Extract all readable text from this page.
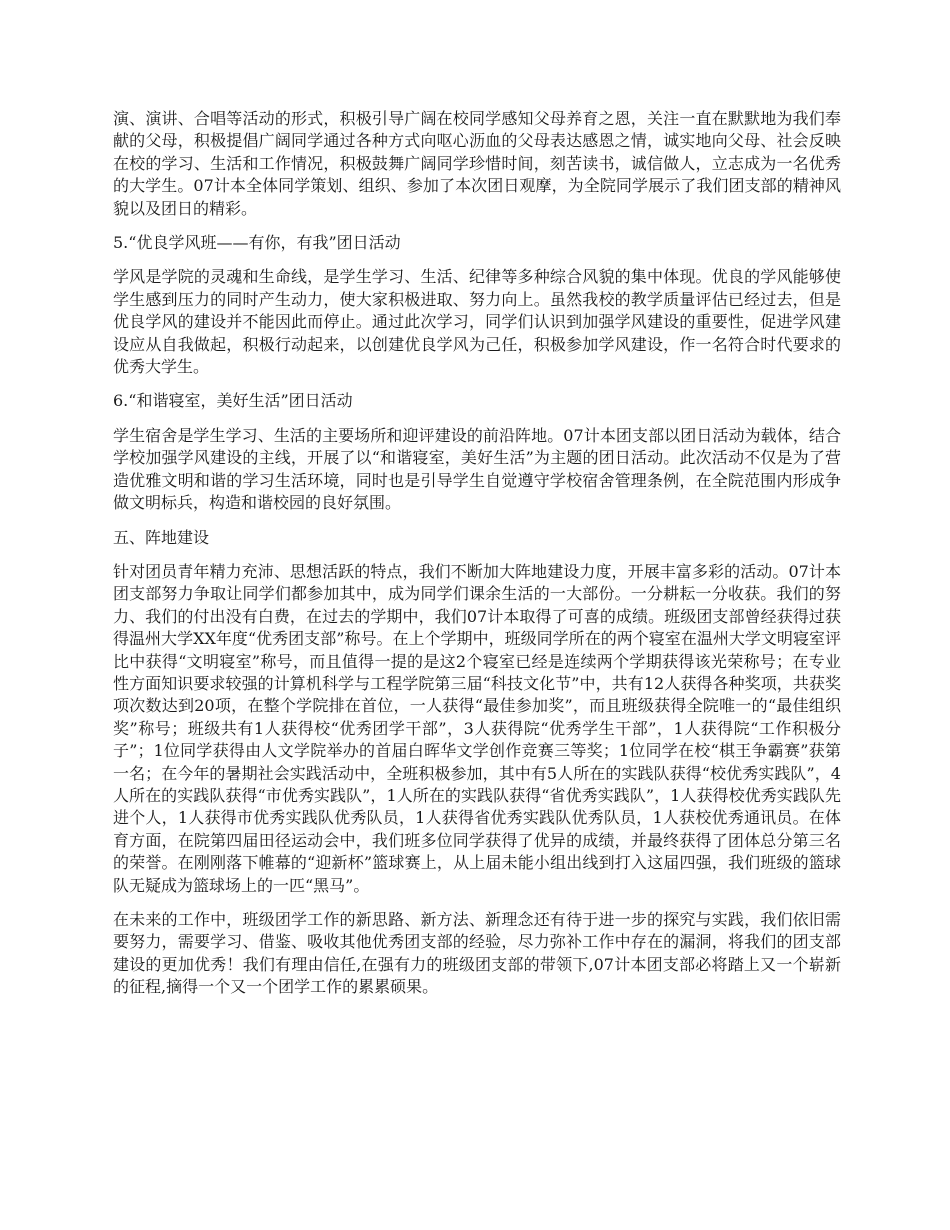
演、演讲、合唱等活动的形式，积极引导广阔在校同学感知父母养育之恩，关注一直在默默地为我们奉献的父母，积极提倡广阔同学通过各种方式向呕心沥血的父母表达感恩之情，诚实地向父母、社会反映在校的学习、生活和工作情况，积极鼓舞广阔同学珍惜时间，刻苦读书，诚信做人，立志成为一名优秀的大学生。07计本全体同学策划、组织、参加了本次团日观摩，为全院同学展示了我们团支部的精神风貌以及团日的精彩。

5.“优良学风班——有你，有我”团日活动

学风是学院的灵魂和生命线，是学生学习、生活、纪律等多种综合风貌的集中体现。优良的学风能够使学生感到压力的同时产生动力，使大家积极进取、努力向上。虽然我校的教学质量评估已经过去，但是优良学风的建设并不能因此而停止。通过此次学习，同学们认识到加强学风建设的重要性，促进学风建设应从自我做起，积极行动起来，以创建优良学风为己任，积极参加学风建设，作一名符合时代要求的优秀大学生。

6.“和谐寝室，美好生活”团日活动

学生宿舍是学生学习、生活的主要场所和迎评建设的前沿阵地。07计本团支部以团日活动为载体，结合学校加强学风建设的主线，开展了以“和谐寝室，美好生活”为主题的团日活动。此次活动不仅是为了营造优雅文明和谐的学习生活环境，同时也是引导学生自觉遵守学校宿舍管理条例，在全院范围内形成争做文明标兵，构造和谐校园的良好氛围。

五、阵地建设

针对团员青年精力充沛、思想活跃的特点，我们不断加大阵地建设力度，开展丰富多彩的活动。07计本团支部努力争取让同学们都参加其中，成为同学们课余生活的一大部份。一分耕耘一分收获。我们的努力、我们的付出没有白费，在过去的学期中，我们07计本取得了可喜的成绩。班级团支部曾经获得过获得温州大学XX年度“优秀团支部”称号。在上个学期中，班级同学所在的两个寝室在温州大学文明寝室评比中获得“文明寝室”称号，而且值得一提的是这2个寝室已经是连续两个学期获得该光荣称号；在专业性方面知识要求较强的计算机科学与工程学院第三届“科技文化节”中，共有12人获得各种奖项，共获奖项次数达到20项，在整个学院排在首位，一人获得“最佳参加奖”，而且班级获得全院唯一的“最佳组织奖”称号；班级共有1人获得校“优秀团学干部”，3人获得院“优秀学生干部”，1人获得院“工作积极分子”；1位同学获得由人文学院举办的首届白晖华文学创作竞赛三等奖；1位同学在校“棋王争霸赛”获第一名；在今年的暑期社会实践活动中，全班积极参加，其中有5人所在的实践队获得“校优秀实践队”，4人所在的实践队获得“市优秀实践队”，1人所在的实践队获得“省优秀实践队”，1人获得校优秀实践队先进个人，1人获得市优秀实践队优秀队员，1人获得省优秀实践队优秀队员，1人获校优秀通讯员。在体育方面，在院第四届田径运动会中，我们班多位同学获得了优异的成绩，并最终获得了团体总分第三名的荣誉。在刚刚落下帷幕的“迎新杯”篮球赛上，从上届未能小组出线到打入这届四强，我们班级的篮球队无疑成为篮球场上的一匹“黑马”。

在未来的工作中，班级团学工作的新思路、新方法、新理念还有待于进一步的探究与实践，我们依旧需要努力，需要学习、借鉴、吸收其他优秀团支部的经验，尽力弥补工作中存在的漏洞，将我们的团支部建设的更加优秀！我们有理由信任,在强有力的班级团支部的带领下,07计本团支部必将踏上又一个崭新的征程,摘得一个又一个团学工作的累累硕果。
